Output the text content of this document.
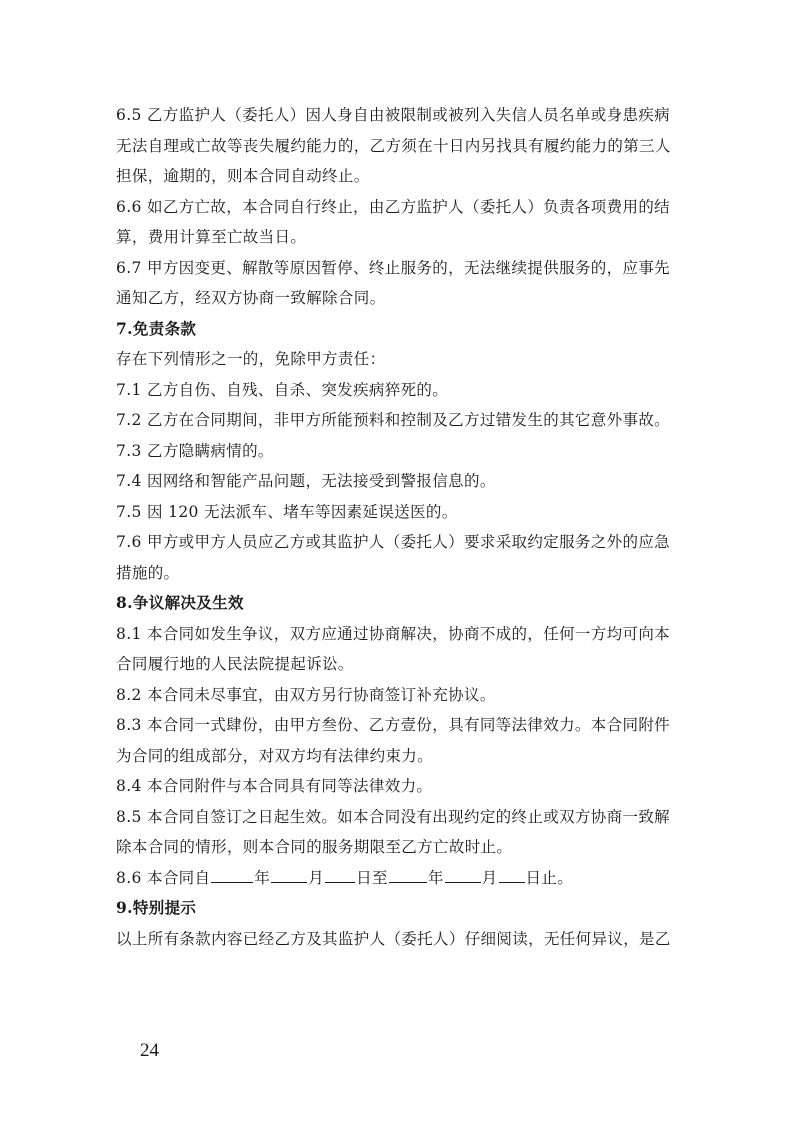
6.5 乙方监护人（委托人）因人身自由被限制或被列入失信人员名单或身患疾病
无法自理或亡故等丧失履约能力的，乙方须在十日内另找具有履约能力的第三人
担保，逾期的，则本合同自动终止。
6.6 如乙方亡故，本合同自行终止，由乙方监护人（委托人）负责各项费用的结
算，费用计算至亡故当日。
6.7 甲方因变更、解散等原因暂停、终止服务的，无法继续提供服务的，应事先
通知乙方，经双方协商一致解除合同。
7.免责条款
存在下列情形之一的，免除甲方责任：
7.1 乙方自伤、自残、自杀、突发疾病猝死的。
7.2 乙方在合同期间，非甲方所能预料和控制及乙方过错发生的其它意外事故。
7.3 乙方隐瞒病情的。
7.4 因网络和智能产品问题，无法接受到警报信息的。
7.5 因 120 无法派车、堵车等因素延误送医的。
7.6 甲方或甲方人员应乙方或其监护人（委托人）要求采取约定服务之外的应急
措施的。
8.争议解决及生效
8.1 本合同如发生争议，双方应通过协商解决，协商不成的，任何一方均可向本
合同履行地的人民法院提起诉讼。
8.2 本合同未尽事宜，由双方另行协商签订补充协议。
8.3 本合同一式肆份，由甲方叁份、乙方壹份，具有同等法律效力。本合同附件
为合同的组成部分，对双方均有法律约束力。
8.4 本合同附件与本合同具有同等法律效力。
8.5 本合同自签订之日起生效。如本合同没有出现约定的终止或双方协商一致解
除本合同的情形，则本合同的服务期限至乙方亡故时止。
8.6 本合同自	年 月 日至	年 月 日止。
9.特别提示
以上所有条款内容已经乙方及其监护人（委托人）仔细阅读，无任何异议，是乙
24
